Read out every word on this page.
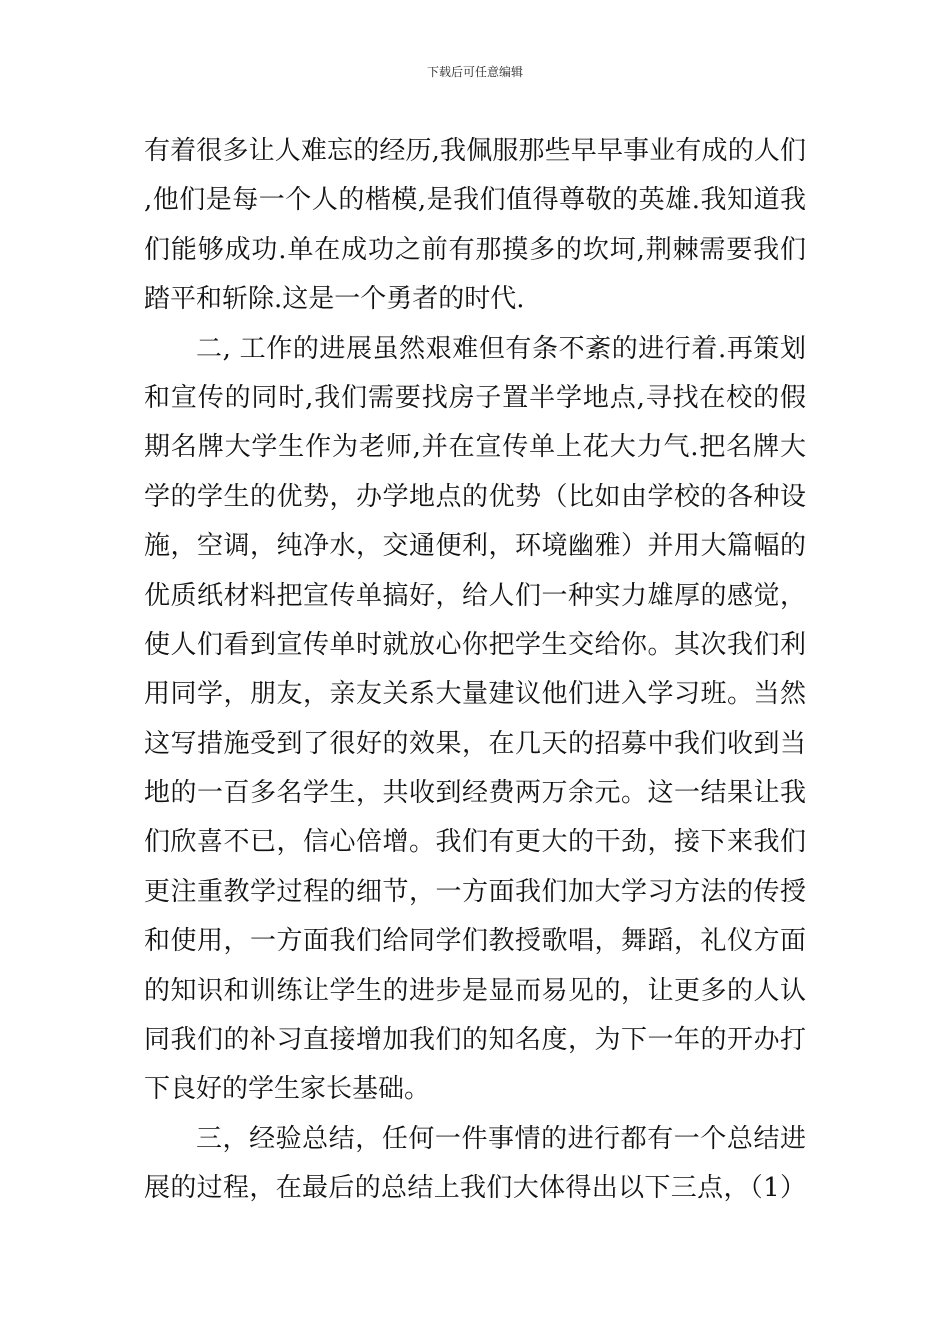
下载后可任意编辑
有着很多让人难忘的经历,我佩服那些早早事业有成的人们
,他们是每一个人的楷模,是我们值得尊敬的英雄.我知道我
们能够成功.单在成功之前有那摸多的坎坷,荆棘需要我们
踏平和斩除.这是一个勇者的时代.
二, 工作的进展虽然艰难但有条不紊的进行着.再策划
和宣传的同时,我们需要找房子置半学地点,寻找在校的假
期名牌大学生作为老师,并在宣传单上花大力气.把名牌大
学的学生的优势，办学地点的优势（比如由学校的各种设
施，空调，纯净水，交通便利，环境幽雅）并用大篇幅的
优质纸材料把宣传单搞好，给人们一种实力雄厚的感觉，
使人们看到宣传单时就放心你把学生交给你。其次我们利
用同学，朋友，亲友关系大量建议他们进入学习班。当然
这写措施受到了很好的效果，在几天的招募中我们收到当
地的一百多名学生，共收到经费两万余元。这一结果让我
们欣喜不已，信心倍增。我们有更大的干劲，接下来我们
更注重教学过程的细节，一方面我们加大学习方法的传授
和使用，一方面我们给同学们教授歌唱，舞蹈，礼仪方面
的知识和训练让学生的进步是显而易见的，让更多的人认
同我们的补习直接增加我们的知名度，为下一年的开办打
下良好的学生家长基础。
三，经验总结，任何一件事情的进行都有一个总结进
展的过程，在最后的总结上我们大体得出以下三点，（1）
